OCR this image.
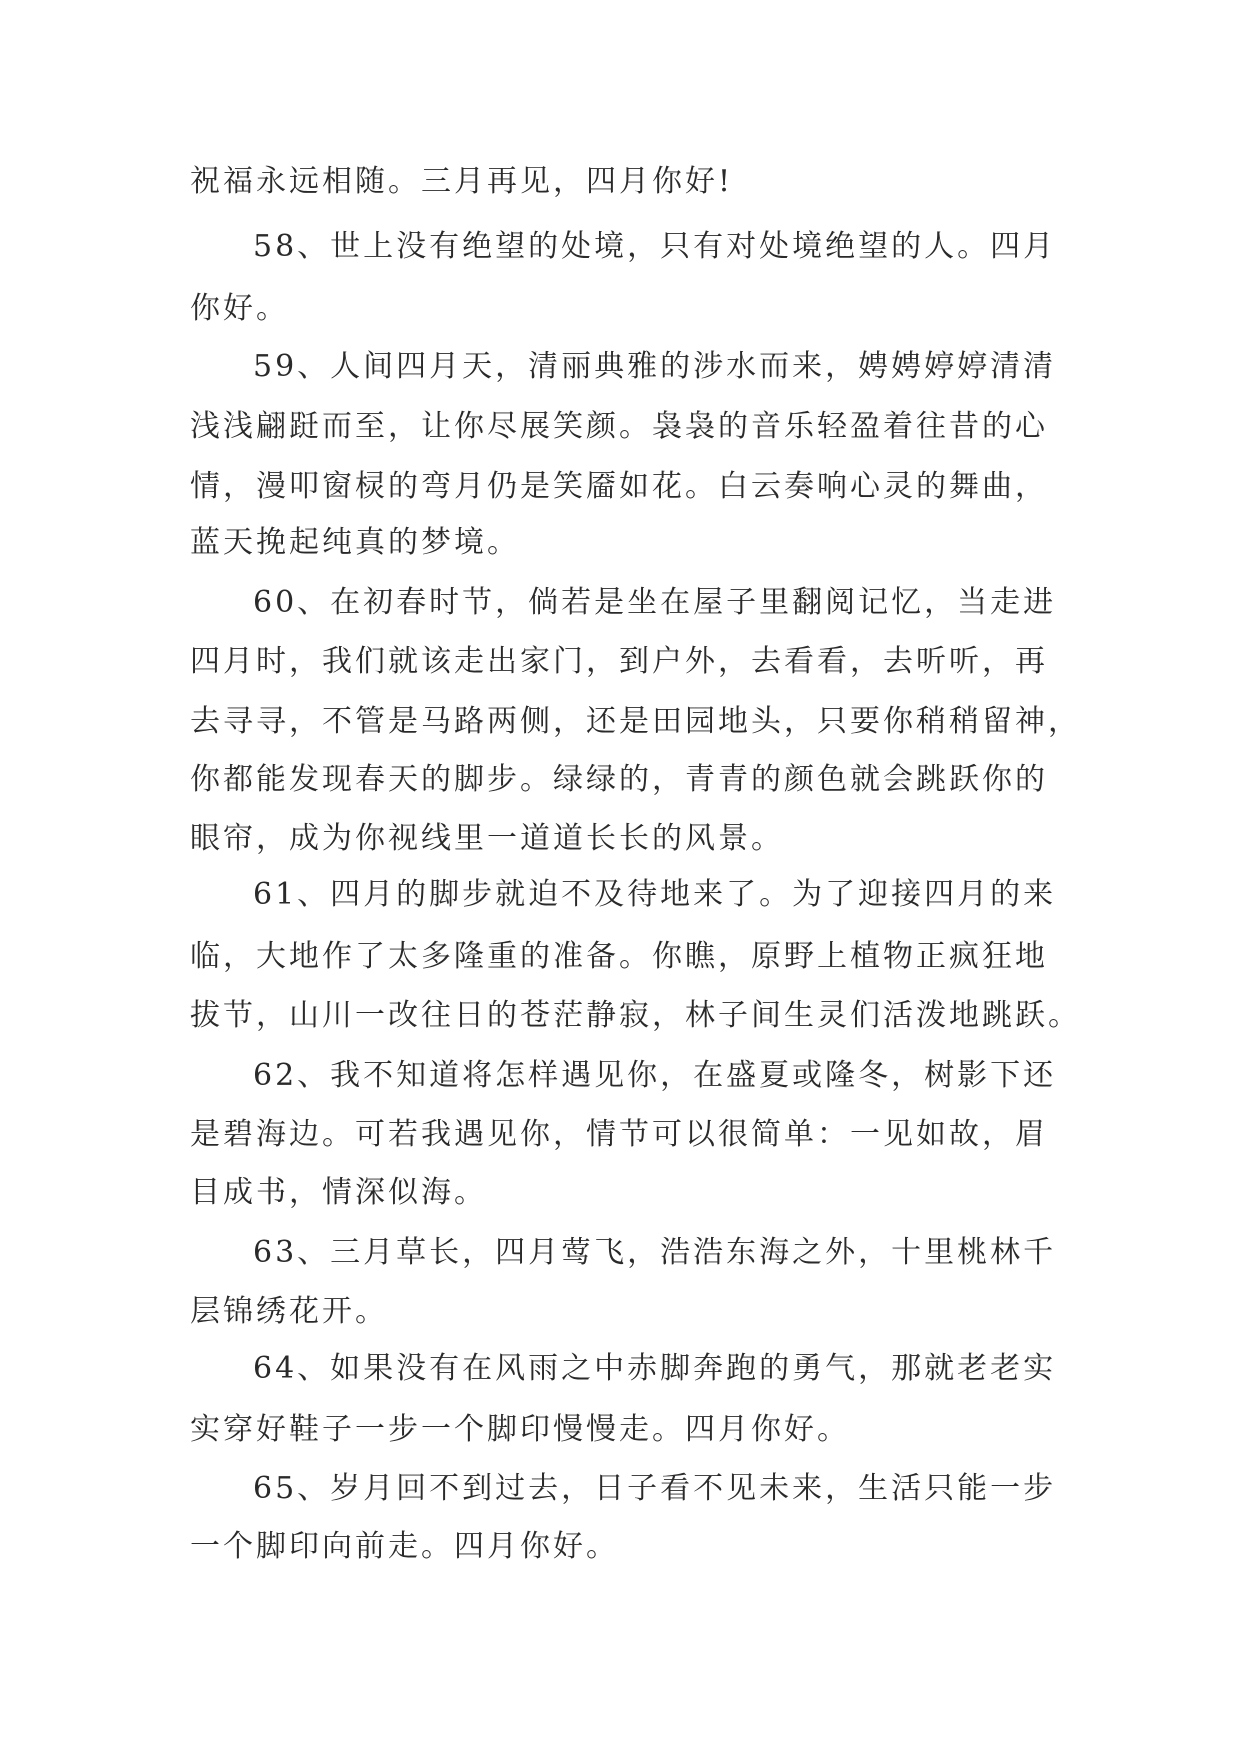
祝福永远相随。三月再见，四月你好!
58、世上没有绝望的处境，只有对处境绝望的人。四月
你好。
59、人间四月天，清丽典雅的涉水而来，娉娉婷婷清清
浅浅翩跹而至，让你尽展笑颜。袅袅的音乐轻盈着往昔的心
情，漫叩窗棂的弯月仍是笑靥如花。白云奏响心灵的舞曲，
蓝天挽起纯真的梦境。
60、在初春时节，倘若是坐在屋子里翻阅记忆，当走进
四月时，我们就该走出家门，到户外，去看看，去听听，再
去寻寻，不管是马路两侧，还是田园地头，只要你稍稍留神，
你都能发现春天的脚步。绿绿的，青青的颜色就会跳跃你的
眼帘，成为你视线里一道道长长的风景。
61、四月的脚步就迫不及待地来了。为了迎接四月的来
临，大地作了太多隆重的准备。你瞧，原野上植物正疯狂地
拔节，山川一改往日的苍茫静寂，林子间生灵们活泼地跳跃。
62、我不知道将怎样遇见你，在盛夏或隆冬，树影下还
是碧海边。可若我遇见你，情节可以很简单：一见如故，眉
目成书，情深似海。
63、三月草长，四月莺飞，浩浩东海之外，十里桃林千
层锦绣花开。
64、如果没有在风雨之中赤脚奔跑的勇气，那就老老实
实穿好鞋子一步一个脚印慢慢走。四月你好。
65、岁月回不到过去，日子看不见未来，生活只能一步
一个脚印向前走。四月你好。
